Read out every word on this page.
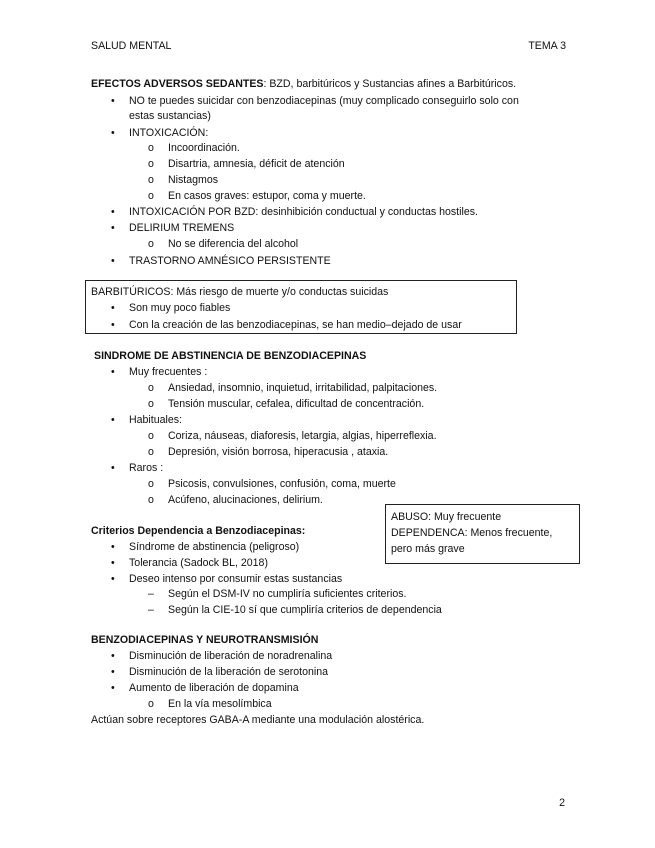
SALUD MENTAL	TEMA 3
EFECTOS ADVERSOS SEDANTES: BZD, barbitúricos y Sustancias afines a Barbitúricos.
• NO te puedes suicidar con benzodiacepinas (muy complicado conseguirlo solo con
estas sustancias)
• INTOXICACIÓN:
o Incoordinación.
o Disartria, amnesia, déficit de atención
o Nistagmos
o En casos graves: estupor, coma y muerte.
• INTOXICACIÓN POR BZD: desinhibición conductual y conductas hostiles.
• DELIRIUM TREMENS
o No se diferencia del alcohol
• TRASTORNO AMNÉSICO PERSISTENTE
BARBITÚRICOS: Más riesgo de muerte y/o conductas suicidas
• Son muy poco fiables
• Con la creación de las benzodiacepinas, se han medio–dejado de usar
SINDROME DE ABSTINENCIA DE BENZODIACEPINAS
• Muy frecuentes :
o Ansiedad, insomnio, inquietud, irritabilidad, palpitaciones.
o Tensión muscular, cefalea, dificultad de concentración.
• Habituales:
o Coriza, náuseas, diaforesis, letargia, algias, hiperreflexia.
o Depresión, visión borrosa, hiperacusia , ataxia.
• Raros :
o Psicosis, convulsiones, confusión, coma, muerte
o Acúfeno, alucinaciones, delirium.
ABUSO: Muy frecuente
DEPENDENCA: Menos frecuente,
pero más grave
Criterios Dependencia a Benzodiacepinas:
• Síndrome de abstinencia (peligroso)
• Tolerancia (Sadock BL, 2018)
• Deseo intenso por consumir estas sustancias
– Según el DSM-IV no cumpliría suficientes criterios.
– Según la CIE-10 sí que cumpliría criterios de dependencia
BENZODIACEPINAS Y NEUROTRANSMISIÓN
• Disminución de liberación de noradrenalina
• Disminución de la liberación de serotonina
• Aumento de liberación de dopamina
o En la vía mesolímbica
Actúan sobre receptores GABA-A mediante una modulación alostérica.
2
